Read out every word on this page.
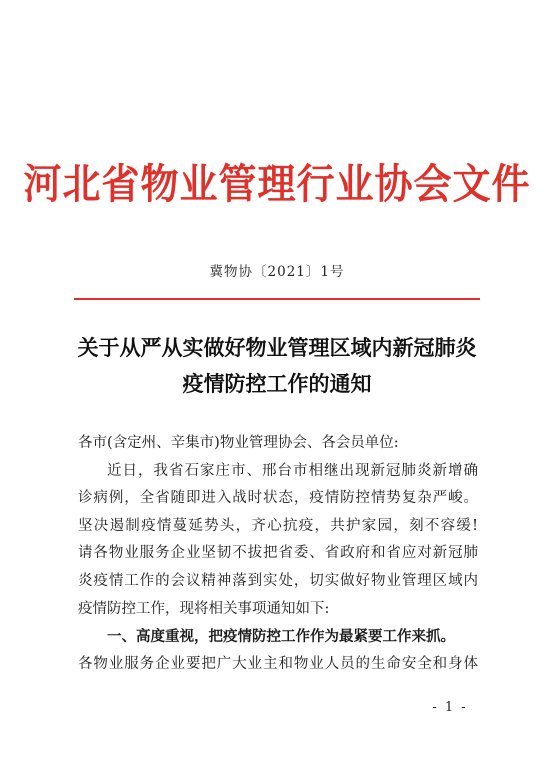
河北省物业管理行业协会文件
冀物协〔2021〕1号
关于从严从实做好物业管理区域内新冠肺炎
疫情防控工作的通知

各市(含定州、辛集市)物业管理协会、各会员单位:

近日，我省石家庄市、邢台市相继出现新冠肺炎新增确

诊病例，全省随即进入战时状态，疫情防控情势复杂严峻。

坚决遏制疫情蔓延势头，齐心抗疫，共护家园，刻不容缓!

请各物业服务企业坚韧不拔把省委、省政府和省应对新冠肺

炎疫情工作的会议精神落到实处，切实做好物业管理区域内

疫情防控工作，现将相关事项通知如下:

一、高度重视，把疫情防控工作作为最紧要工作来抓。

各物业服务企业要把广大业主和物业人员的生命安全和身体

- 1 -
